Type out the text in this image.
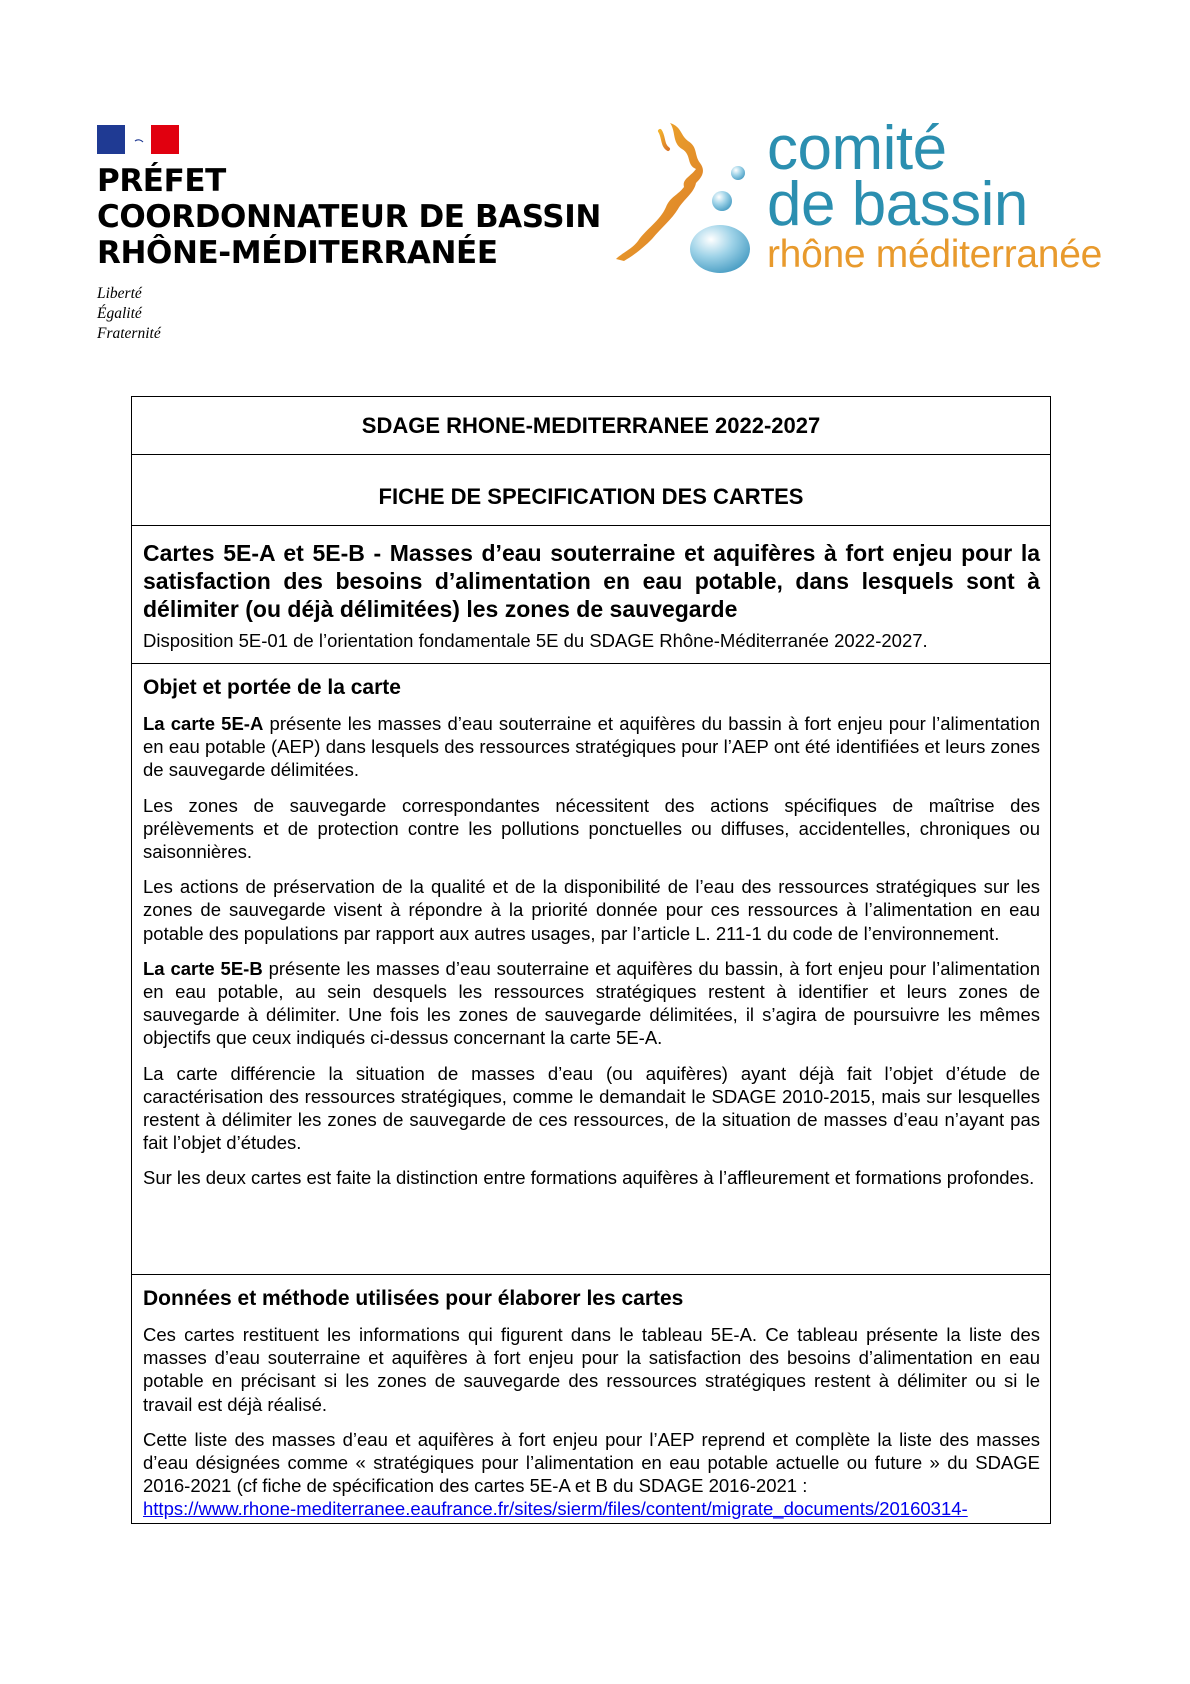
PRÉFET
COORDONNATEUR DE BASSIN
RHÔNE-MÉDITERRANÉE
Liberté
Égalité
Fraternité
comité
de bassin
rhône méditerranée
SDAGE RHONE-MEDITERRANEE 2022-2027
FICHE DE SPECIFICATION DES CARTES
Cartes 5E-A et 5E-B - Masses d’eau souterraine et aquifères à fort enjeu pour la satisfaction des besoins d’alimentation en eau potable, dans lesquels sont à délimiter (ou déjà délimitées) les zones de sauvegarde
Disposition 5E-01 de l’orientation fondamentale 5E du SDAGE Rhône-Méditerranée 2022-2027.
Objet et portée de la carte

La carte 5E-A présente les masses d’eau souterraine et aquifères du bassin à fort enjeu pour l’alimentation en eau potable (AEP) dans lesquels des ressources stratégiques pour l’AEP ont été identifiées et leurs zones de sauvegarde délimitées.

Les zones de sauvegarde correspondantes nécessitent des actions spécifiques de maîtrise des prélèvements et de protection contre les pollutions ponctuelles ou diffuses, accidentelles, chroniques ou saisonnières.

Les actions de préservation de la qualité et de la disponibilité de l’eau des ressources stratégiques sur les zones de sauvegarde visent à répondre à la priorité donnée pour ces ressources à l’alimentation en eau potable des populations par rapport aux autres usages, par l’article L. 211-1 du code de l’environnement.

La carte 5E-B présente les masses d’eau souterraine et aquifères du bassin, à fort enjeu pour l’alimentation en eau potable, au sein desquels les ressources stratégiques restent à identifier et leurs zones de sauvegarde à délimiter. Une fois les zones de sauvegarde délimitées, il s’agira de poursuivre les mêmes objectifs que ceux indiqués ci-dessus concernant la carte 5E-A.

La carte différencie la situation de masses d’eau (ou aquifères) ayant déjà fait l’objet d’étude de caractérisation des ressources stratégiques, comme le demandait le SDAGE 2010-2015, mais sur lesquelles restent à délimiter les zones de sauvegarde de ces ressources, de la situation de masses d’eau n’ayant pas fait l’objet d’études.

Sur les deux cartes est faite la distinction entre formations aquifères à l’affleurement et formations profondes.

Données et méthode utilisées pour élaborer les cartes

Ces cartes restituent les informations qui figurent dans le tableau 5E-A. Ce tableau présente la liste des masses d’eau souterraine et aquifères à fort enjeu pour la satisfaction des besoins d’alimentation en eau potable en précisant si les zones de sauvegarde des ressources stratégiques restent à délimiter ou si le travail est déjà réalisé.

Cette liste des masses d’eau et aquifères à fort enjeu pour l’AEP reprend et complète la liste des masses d’eau désignées comme « stratégiques pour l’alimentation en eau potable actuelle ou future » du SDAGE 2016-2021 (cf fiche de spécification des cartes 5E-A et B du SDAGE 2016-2021 :
https://www.rhone-mediterranee.eaufrance.fr/sites/sierm/files/content/migrate_documents/20160314-
